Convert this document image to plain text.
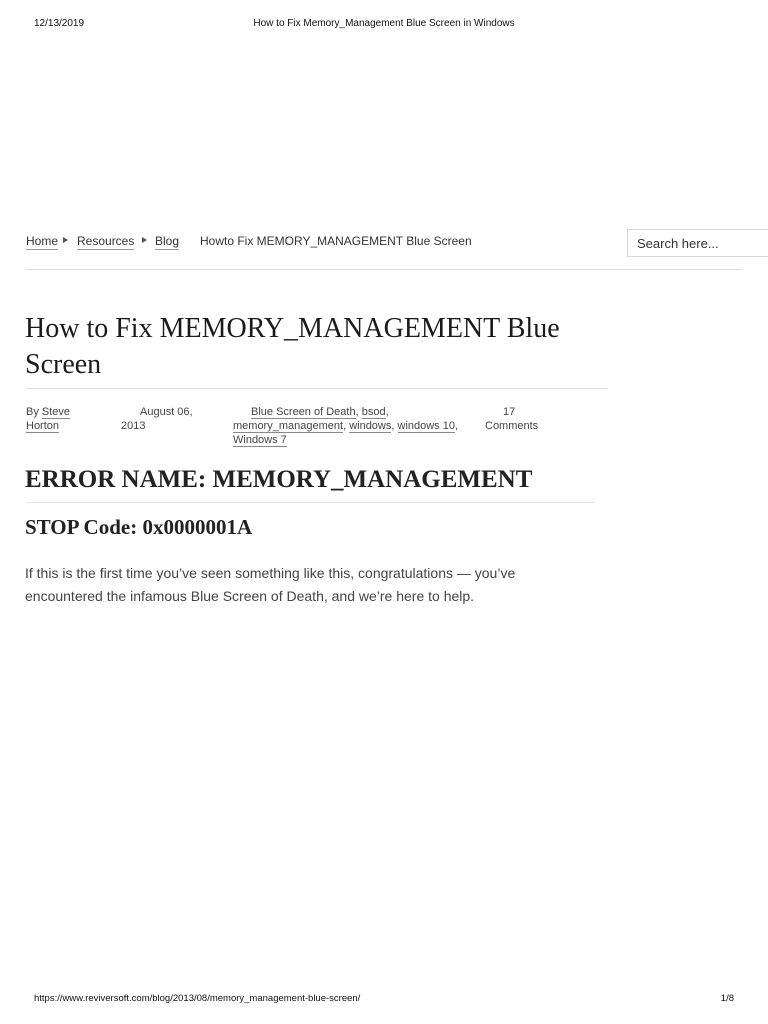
12/13/2019	How to Fix Memory_Management Blue Screen in Windows
Home Resources Blog Howto Fix MEMORY_MANAGEMENT Blue Screen
Search here...
How to Fix MEMORY_MANAGEMENT Blue Screen
By Steve
Horton
August 06,
2013
Blue Screen of Death, bsod,
memory_management, windows, windows 10, Windows 7
17
Comments
ERROR NAME: MEMORY_MANAGEMENT
STOP Code: 0x0000001A

If this is the first time you’ve seen something like this, congratulations — you’ve encountered the infamous Blue Screen of Death, and we’re here to help.

https://www.reviversoft.com/blog/2013/08/memory_management-blue-screen/	1/8
